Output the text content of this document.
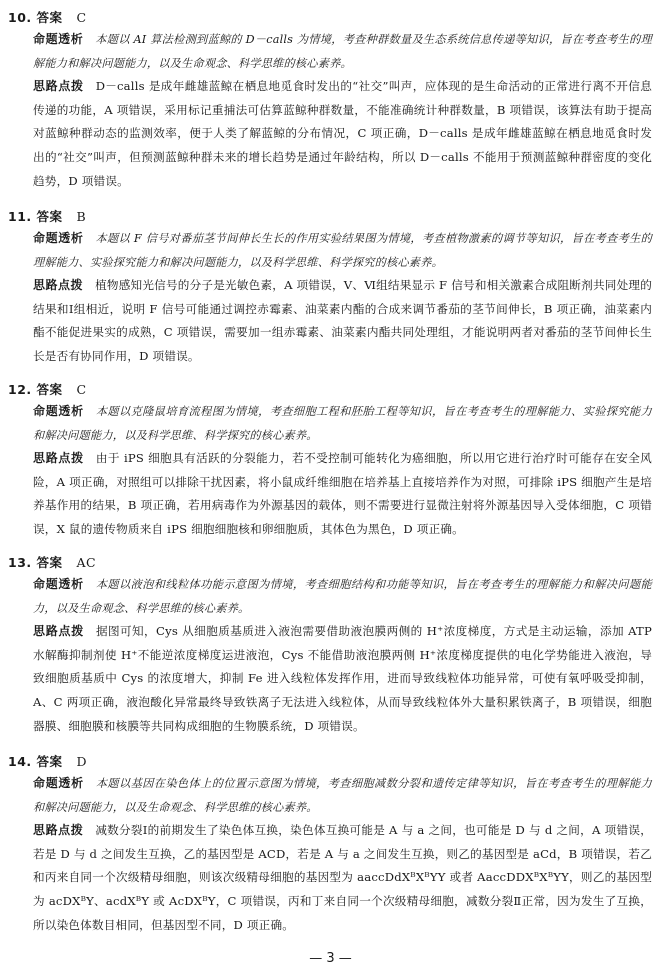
10. 答案 C
命题透析 本题以 AI 算法检测到蓝鲸的 D－calls 为情境，考查种群数量及生态系统信息传递等知识，旨在考查考生的理解能力和解决问题能力，以及生命观念、科学思维的核心素养。
思路点拨 D－calls 是成年雌雄蓝鲸在栖息地觅食时发出的“社交”叫声，应体现的是生命活动的正常进行离不开信息传递的功能，A 项错误，采用标记重捕法可估算蓝鲸种群数量，不能准确统计种群数量，B 项错误，该算法有助于提高对蓝鲸种群动态的监测效率，便于人类了解蓝鲸的分布情况，C 项正确，D－calls 是成年雌雄蓝鲸在栖息地觅食时发出的“社交”叫声，但预测蓝鲸种群未来的增长趋势是通过年龄结构，所以 D－calls 不能用于预测蓝鲸种群密度的变化趋势，D 项错误。
11. 答案 B
命题透析 本题以 F 信号对番茄茎节间伸长生长的作用实验结果图为情境，考查植物激素的调节等知识，旨在考查考生的理解能力、实验探究能力和解决问题能力，以及科学思维、科学探究的核心素养。
思路点拨 植物感知光信号的分子是光敏色素，A 项错误，Ⅴ、Ⅵ组结果显示 F 信号和相关激素合成阻断剂共同处理的结果和Ⅰ组相近，说明 F 信号可能通过调控赤霉素、油菜素内酯的合成来调节番茄的茎节间伸长，B 项正确，油菜素内酯不能促进果实的成熟，C 项错误，需要加一组赤霉素、油菜素内酯共同处理组，才能说明两者对番茄的茎节间伸长生长是否有协同作用，D 项错误。
12. 答案 C
命题透析 本题以克隆鼠培育流程图为情境，考查细胞工程和胚胎工程等知识，旨在考查考生的理解能力、实验探究能力和解决问题能力，以及科学思维、科学探究的核心素养。
思路点拨 由于 iPS 细胞具有活跃的分裂能力，若不受控制可能转化为癌细胞，所以用它进行治疗时可能存在安全风险，A 项正确，对照组可以排除干扰因素，将小鼠成纤维细胞在培养基上直接培养作为对照，可排除 iPS 细胞产生是培养基作用的结果，B 项正确，若用病毒作为外源基因的载体，则不需要进行显微注射将外源基因导入受体细胞，C 项错误，X 鼠的遗传物质来自 iPS 细胞细胞核和卵细胞质，其体色为黑色，D 项正确。
13. 答案 AC
命题透析 本题以液泡和线粒体功能示意图为情境，考查细胞结构和功能等知识，旨在考查考生的理解能力和解决问题能力，以及生命观念、科学思维的核心素养。
思路点拨 据图可知，Cys 从细胞质基质进入液泡需要借助液泡膜两侧的 H⁺浓度梯度，方式是主动运输，添加 ATP 水解酶抑制剂使 H⁺不能逆浓度梯度运进液泡，Cys 不能借助液泡膜两侧 H⁺浓度梯度提供的电化学势能进入液泡，导致细胞质基质中 Cys 的浓度增大，抑制 Fe 进入线粒体发挥作用，进而导致线粒体功能异常，可使有氧呼吸受抑制，A、C 两项正确，液泡酸化异常最终导致铁离子无法进入线粒体，从而导致线粒体外大量积累铁离子，B 项错误，细胞器膜、细胞膜和核膜等共同构成细胞的生物膜系统，D 项错误。
14. 答案 D
命题透析 本题以基因在染色体上的位置示意图为情境，考查细胞减数分裂和遗传定律等知识，旨在考查考生的理解能力和解决问题能力，以及生命观念、科学思维的核心素养。
思路点拨 减数分裂Ⅰ的前期发生了染色体互换，染色体互换可能是 A 与 a 之间，也可能是 D 与 d 之间，A 项错误，若是 D 与 d 之间发生互换，乙的基因型是 ACD，若是 A 与 a 之间发生互换，则乙的基因型是 aCd，B 项错误，若乙和丙来自同一个次级精母细胞，则该次级精母细胞的基因型为 aaccDdXᴮXᴮYY 或者 AaccDDXᴮXᴮYY，则乙的基因型为 acDXᴮY、acdXᴮY 或 AcDXᴮY，C 项错误，丙和丁来自同一个次级精母细胞，减数分裂Ⅱ正常，因为发生了互换，所以染色体数目相同，但基因型不同，D 项正确。
— 3 —
